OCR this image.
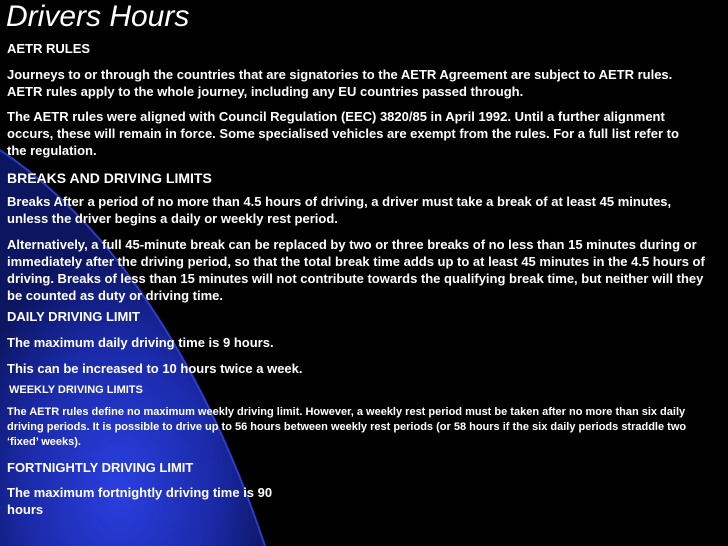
Drivers Hours
AETR RULES
Journeys to or through the countries that are signatories to the AETR Agreement are subject to AETR rules. AETR rules apply to the whole journey, including any EU countries passed through.
The AETR rules were aligned with Council Regulation (EEC) 3820/85 in April 1992. Until a further alignment occurs, these will remain in force. Some specialised vehicles are exempt from the rules. For a full list refer to the regulation.
BREAKS AND DRIVING LIMITS
Breaks After a period of no more than 4.5 hours of driving, a driver must take a break of at least 45 minutes, unless the driver begins a daily or weekly rest period.
Alternatively, a full 45-minute break can be replaced by two or three breaks of no less than 15 minutes during or immediately after the driving period, so that the total break time adds up to at least 45 minutes in the 4.5 hours of driving. Breaks of less than 15 minutes will not contribute towards the qualifying break time, but neither will they be counted as duty or driving time.
DAILY DRIVING LIMIT
The maximum daily driving time is 9 hours.
This can be increased to 10 hours twice a week.
WEEKLY DRIVING LIMITS
The AETR rules define no maximum weekly driving limit. However, a weekly rest period must be taken after no more than six daily driving periods. It is possible to drive up to 56 hours between weekly rest periods (or 58 hours if the six daily periods straddle two ‘fixed’ weeks).
FORTNIGHTLY DRIVING LIMIT
The maximum fortnightly driving time is 90 hours
